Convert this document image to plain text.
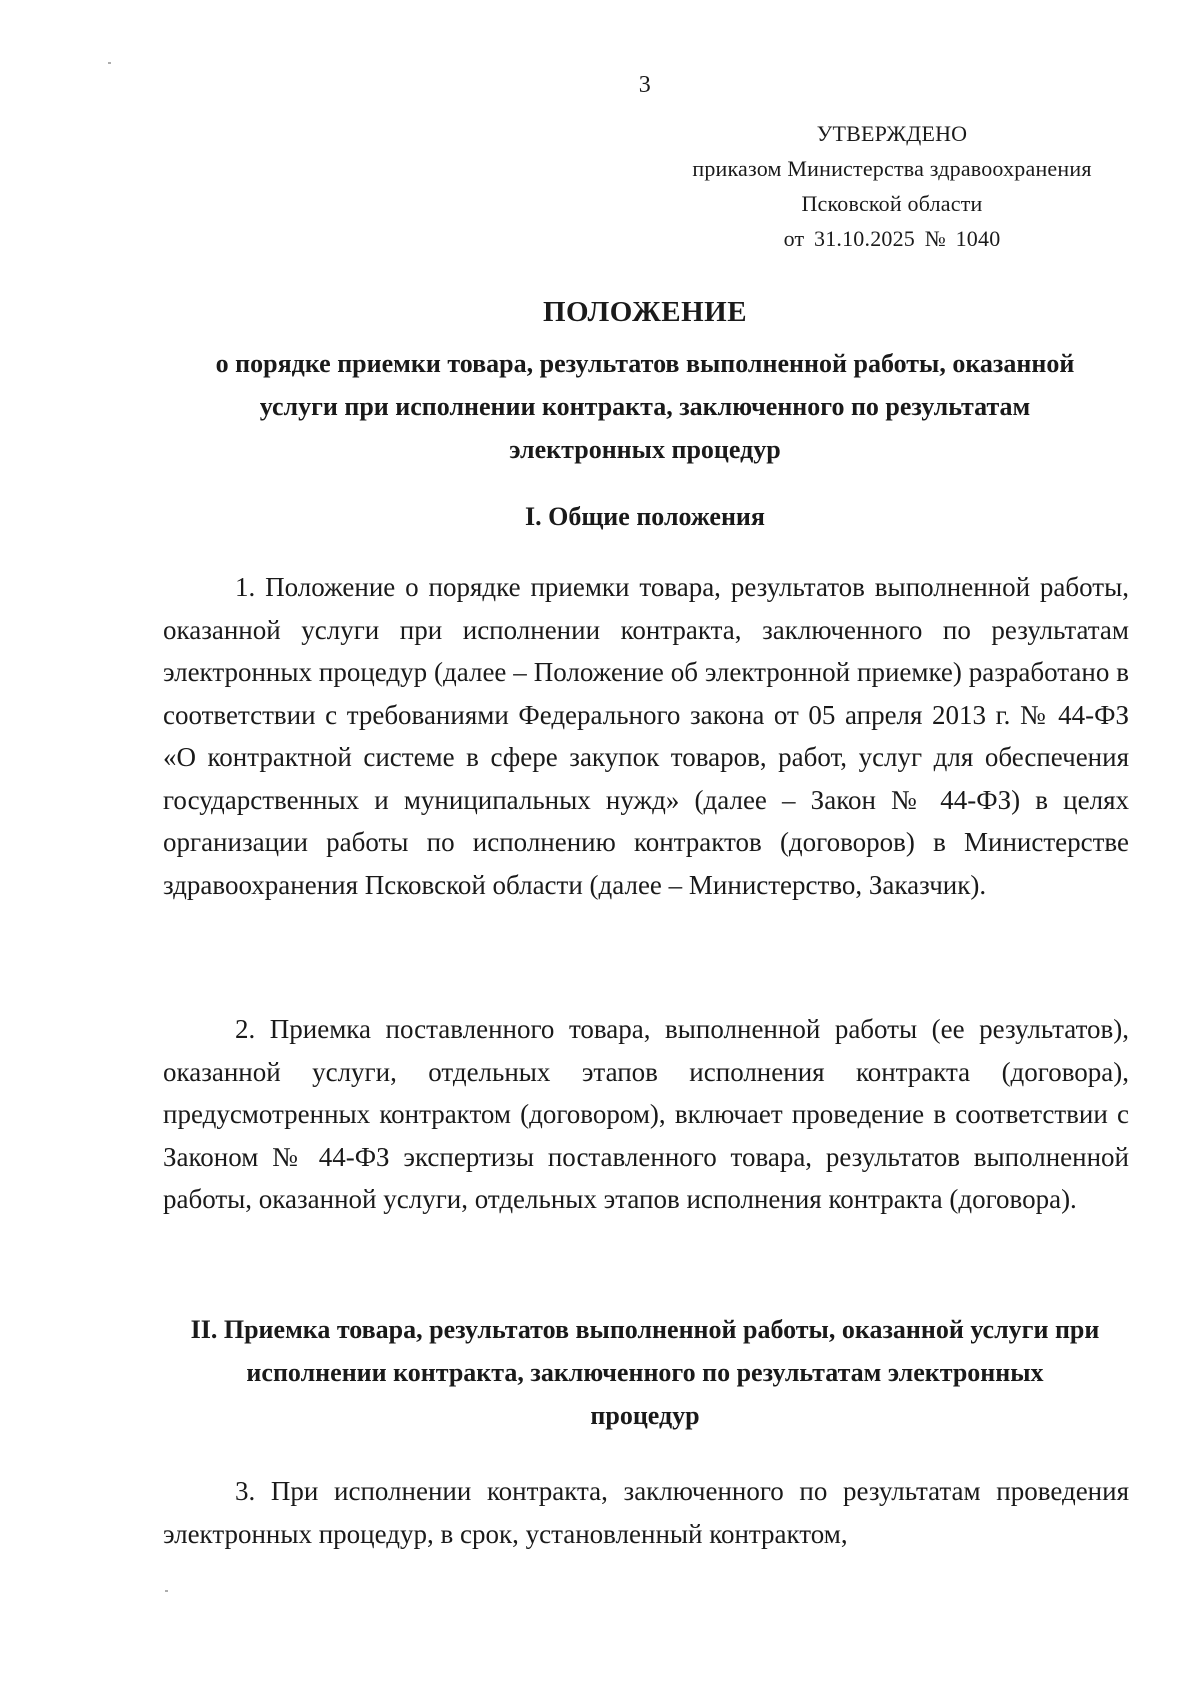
3
УТВЕРЖДЕНО
приказом Министерства здравоохранения
Псковской области
от 31.10.2025 № 1040
ПОЛОЖЕНИЕ
о порядке приемки товара, результатов выполненной работы, оказанной услуги при исполнении контракта, заключенного по результатам электронных процедур
I. Общие положения

1. Положение о порядке приемки товара, результатов выполненной работы, оказанной услуги при исполнении контракта, заключенного по результатам электронных процедур (далее – Положение об электронной приемке) разработано в соответствии с требованиями Федерального закона от 05 апреля 2013 г. № 44-ФЗ «О контрактной системе в сфере закупок товаров, работ, услуг для обеспечения государственных и муниципальных нужд» (далее – Закон № 44-ФЗ) в целях организации работы по исполнению контрактов (договоров) в Министерстве здравоохранения Псковской области (далее – Министерство, Заказчик).

2. Приемка поставленного товара, выполненной работы (ее результатов), оказанной услуги, отдельных этапов исполнения контракта (договора), предусмотренных контрактом (договором), включает проведение в соответствии с Законом № 44-ФЗ экспертизы поставленного товара, результатов выполненной работы, оказанной услуги, отдельных этапов исполнения контракта (договора).

II. Приемка товара, результатов выполненной работы, оказанной услуги при исполнении контракта, заключенного по результатам электронных процедур

3. При исполнении контракта, заключенного по результатам проведения электронных процедур, в срок, установленный контрактом,
